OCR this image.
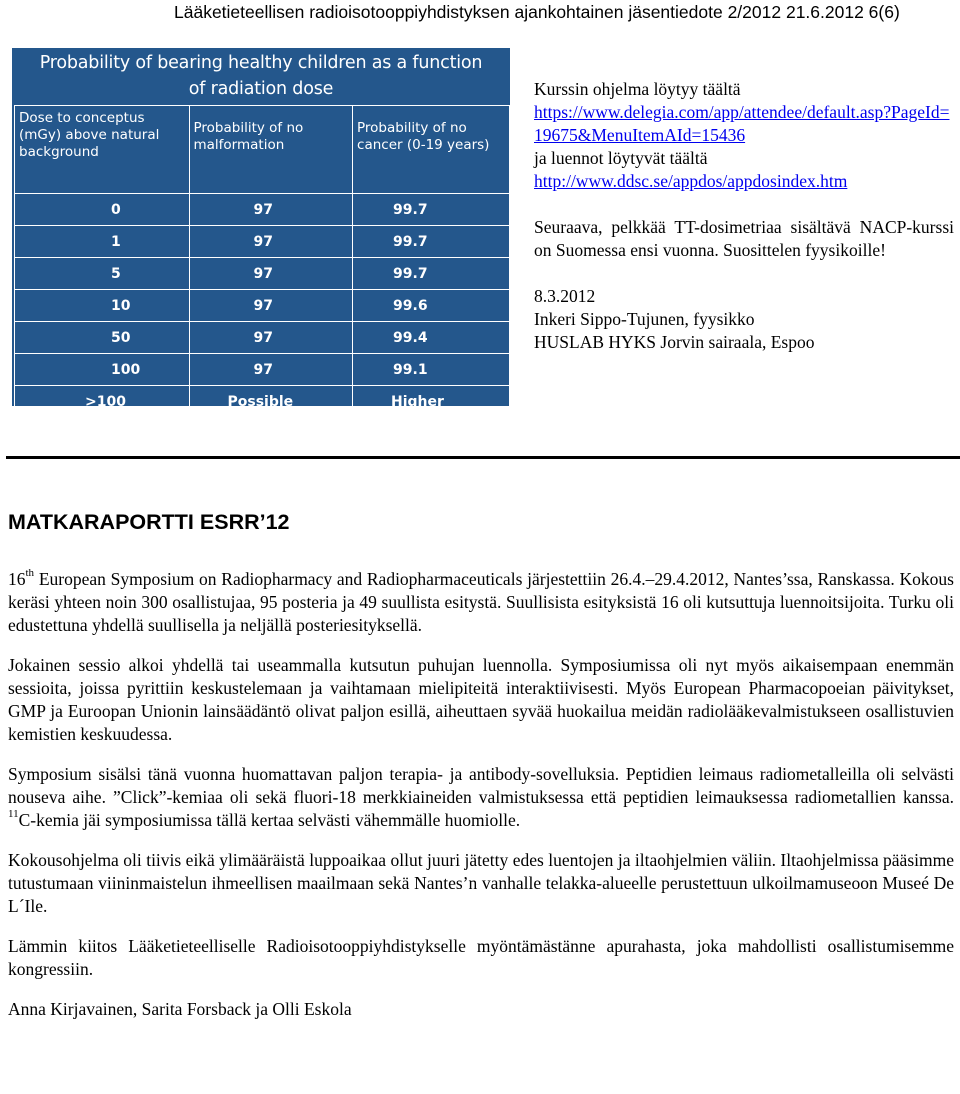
Lääketieteellisen radioisotooppiyhdistyksen ajankohtainen jäsentiedote 2/2012 21.6.2012 6(6)
Probability of bearing healthy children as a function
of radiation dose
Dose to conceptus (mGy) above natural background	Probability of no malformation	Probability of no cancer (0-19 years)
0	97	99.7
1	97	99.7
5	97	99.7
10	97	99.6
50	97	99.4
100	97	99.1
>100	Possible	Higher

Kurssin ohjelma löytyy täältä

https://www.delegia.com/app/attendee/default.asp?PageId=19675&MenuItemAId=15436

ja luennot löytyvät täältä

http://www.ddsc.se/appdos/appdosindex.htm

Seuraava, pelkkää TT-dosimetriaa sisältävä NACP-kurssi on Suomessa ensi vuonna. Suosittelen fyysikoille!

8.3.2012

Inkeri Sippo-Tujunen, fyysikko

HUSLAB HYKS Jorvin sairaala, Espoo

MATKARAPORTTI ESRR’12

16th European Symposium on Radiopharmacy and Radiopharmaceuticals järjestettiin 26.4.–29.4.2012, Nantes’ssa, Ranskassa. Kokous keräsi yhteen noin 300 osallistujaa, 95 posteria ja 49 suullista esitystä. Suullisista esityksistä 16 oli kutsuttuja luennoitsijoita. Turku oli edustettuna yhdellä suullisella ja neljällä posteriesityksellä.

Jokainen sessio alkoi yhdellä tai useammalla kutsutun puhujan luennolla. Symposiumissa oli nyt myös aikaisempaan enemmän sessioita, joissa pyrittiin keskustelemaan ja vaihtamaan mielipiteitä interaktiivisesti. Myös European Pharmacopoeian päivitykset, GMP ja Euroopan Unionin lainsäädäntö olivat paljon esillä, aiheuttaen syvää huokailua meidän radiolääkevalmistukseen osallistuvien kemistien keskuudessa.

Symposium sisälsi tänä vuonna huomattavan paljon terapia- ja antibody-sovelluksia. Peptidien leimaus radiometalleilla oli selvästi nouseva aihe. ”Click”-kemiaa oli sekä fluori-18 merkkiaineiden valmistuksessa että peptidien leimauksessa radiometallien kanssa. $^{11}$C-kemia jäi symposiumissa tällä kertaa selvästi vähemmälle huomiolle.

Kokousohjelma oli tiivis eikä ylimääräistä luppoaikaa ollut juuri jätetty edes luentojen ja iltaohjelmien väliin. Iltaohjelmissa pääsimme tutustumaan viininmaistelun ihmeellisen maailmaan sekä Nantes’n vanhalle telakka-alueelle perustettuun ulkoilmamuseoon Museé De L´Ile.

Lämmin kiitos Lääketieteelliselle Radioisotooppiyhdistykselle myöntämästänne apurahasta, joka mahdollisti osallistumisemme kongressiin.

Anna Kirjavainen, Sarita Forsback ja Olli Eskola
